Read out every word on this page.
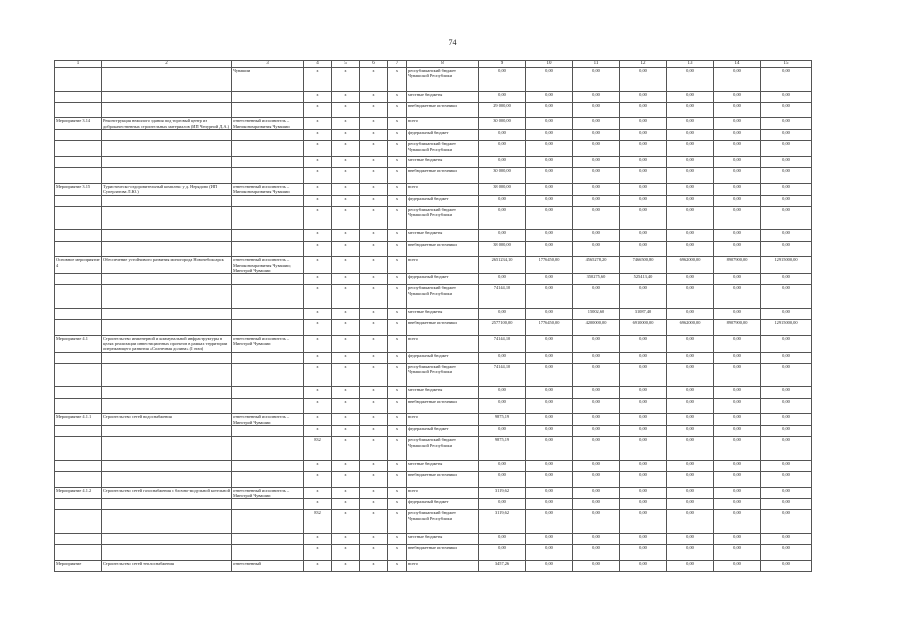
74
1	2	3	4	5	6	7	8	9	10	11	12	13	14	15
		Чувашии	x	x	x	x	республиканский бюджет Чувашской Республики	0,00	0,00	0,00	0,00	0,00	0,00	0,00
			x	x	x	x	местные бюджеты	0,00	0,00	0,00	0,00	0,00	0,00	0,00
			x	x	x	x	внебюджетные источники	29 000,00	0,00	0,00	0,00	0,00	0,00	0,00
Мероприятие 3.14	Реконструкция нежилого здания под торговый центр из доброкачественных строительных материалов (ИП Чепурной Д.А.)	ответственный исполнитель – Минэкономразвития Чувашии	x	x	x	x	всего	30 000,00	0,00	0,00	0,00	0,00	0,00	0,00
			x	x	x	x	федеральный бюджет	0,00	0,00	0,00	0,00	0,00	0,00	0,00
			x	x	x	x	республиканский бюджет Чувашской Республики	0,00	0,00	0,00	0,00	0,00	0,00	0,00
			x	x	x	x	местные бюджеты	0,00	0,00	0,00	0,00	0,00	0,00	0,00
			x	x	x	x	внебюджетные источники	30 000,00	0,00	0,00	0,00	0,00	0,00	0,00
Мероприятие 3.15	Туристическо-оздоровительный комплекс у д. Нерядово (ИП Суперлатова Л.Ю.)	ответственный исполнитель – Минэкономразвития Чувашии	x	x	x	x	всего	38 000,00	0,00	0,00	0,00	0,00	0,00	0,00
			x	x	x	x	федеральный бюджет	0,00	0,00	0,00	0,00	0,00	0,00	0,00
			x	x	x	x	республиканский бюджет Чувашской Республики	0,00	0,00	0,00	0,00	0,00	0,00	0,00
			x	x	x	x	местные бюджеты	0,00	0,00	0,00	0,00	0,00	0,00	0,00
			x	x	x	x	внебюджетные источники	38 000,00	0,00	0,00	0,00	0,00	0,00	0,00
Основное мероприятие 4	Обеспечение устойчивого развития моногорода Новочебоксарск	ответственный исполнитель – Минэкономразвития Чувашии; Минстрой Чувашии	x	x	x	x	всего	2651234,10	1776450,00	4565278,20	7466500,80	6962000,00	8907900,00	12915000,00
			x	x	x	x	федеральный бюджет	0,00	0,00	350275,60	525413,40	0,00	0,00	0,00
			x	x	x	x	республиканский бюджет Чувашской Республики	74144,10	0,00	0,00	0,00	0,00	0,00	0,00
			x	x	x	x	местные бюджеты	0,00	0,00	15002,60	31087,40	0,00	0,00	0,00
			x	x	x	x	внебюджетные источники	2577100,00	1776450,00	4200000,00	6910000,00	6962000,00	8907900,00	12915000,00
Мероприятие 4.1	Строительство инженерной и коммунальной инфраструктуры в целях реализации инвестиционных проектов в рамках территории опережающего развития «Солнечная долина» (I этап)	ответственный исполнитель – Минстрой Чувашии	x	x	x	x	всего	74144,10	0,00	0,00	0,00	0,00	0,00	0,00
			x	x	x	x	федеральный бюджет	0,00	0,00	0,00	0,00	0,00	0,00	0,00
			x	x	x	x	республиканский бюджет Чувашской Республики	74144,10	0,00	0,00	0,00	0,00	0,00	0,00
			x	x	x	x	местные бюджеты	0,00	0,00	0,00	0,00	0,00	0,00	0,00
			x	x	x	x	внебюджетные источники	0,00	0,00	0,00	0,00	0,00	0,00	0,00
Мероприятие 4.1.1	Строительство сетей водоснабжения	ответственный исполнитель – Минстрой Чувашии	x	x	x	x	всего	9875,19	0,00	0,00	0,00	0,00	0,00	0,00
			x	x	x	x	федеральный бюджет	0,00	0,00	0,00	0,00	0,00	0,00	0,00
			832	x	x	x	республиканский бюджет Чувашской Республики	9875,19	0,00	0,00	0,00	0,00	0,00	0,00
			x	x	x	x	местные бюджеты	0,00	0,00	0,00	0,00	0,00	0,00	0,00
			x	x	x	x	внебюджетные источники	0,00	0,00	0,00	0,00	0,00	0,00	0,00
Мероприятие 4.1.2	Строительство сетей газоснабжения с блочно-модульной котельной	ответственный исполнитель – Минстрой Чувашии	x	x	x	x	всего	3119,62	0,00	0,00	0,00	0,00	0,00	0,00
			x	x	x	x	федеральный бюджет	0,00	0,00	0,00	0,00	0,00	0,00	0,00
			832	x	x	x	республиканский бюджет Чувашской Республики	3119,62	0,00	0,00	0,00	0,00	0,00	0,00
			x	x	x	x	местные бюджеты	0,00	0,00	0,00	0,00	0,00	0,00	0,00
			x	x	x	x	внебюджетные источники	0,00	0,00	0,00	0,00	0,00	0,00	0,00
Мероприятие	Строительство сетей теплоснабжения	ответственный	x	x	x	x	всего	3457,26	0,00	0,00	0,00	0,00	0,00	0,00
